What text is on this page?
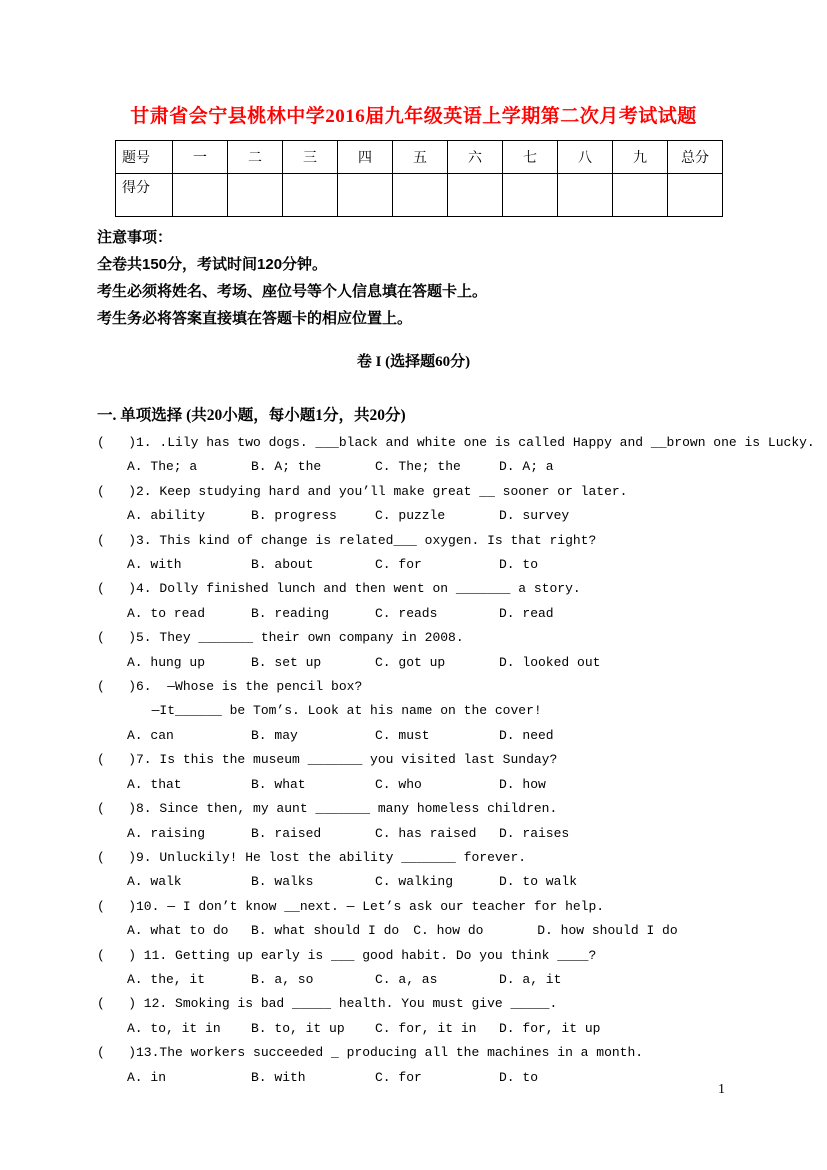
甘肃省会宁县桃林中学2016届九年级英语上学期第二次月考试试题
题号	一	二	三	四	五	六	七	八	九	总分
得分										
注意事项：
全卷共150分，考试时间120分钟。
考生必须将姓名、考场、座位号等个人信息填在答题卡上。
考生务必将答案直接填在答题卡的相应位置上。
卷 I (选择题60分)
一. 单项选择 (共20小题，每小题1分，共20分)
(   )1. .Lily has two dogs. ___black and white one is called Happy and __brown one is Lucky.
A. The; a	B. A; the	C. The; the	D. A; a
(   )2. Keep studying hard and you’ll make great __ sooner or later.
A. ability	B. progress	C. puzzle	D. survey
(   )3. This kind of change is related___ oxygen. Is that right?
A. with	B. about	C. for	D. to
(   )4. Dolly finished lunch and then went on _______ a story.
A. to read	B. reading	C. reads	D. read
(   )5. They _______ their own company in 2008.
A. hung up	B. set up	C. got up	D. looked out
(   )6.  —Whose is the pencil box?
—It______ be Tom’s. Look at his name on the cover!
A. can	B. may	C. must	D. need
(   )7. Is this the museum _______ you visited last Sunday?
A. that	B. what	C. who	D. how
(   )8. Since then, my aunt _______ many homeless children.
A. raising	B. raised	C. has raised D. raises
(   )9. Unluckily! He lost the ability _______ forever.
A. walk	B. walks	C. walking	D. to walk
(   )10. — I don’t know __next. — Let’s ask our teacher for help.
A. what to do B. what should I do C. how do	D. how should I do
(   ) 11. Getting up early is ___ good habit. Do you think ____?
A. the, it	B. a, so	C. a, as	D. a, it
(   ) 12. Smoking is bad _____ health. You must give _____.
A. to, it in B. to, it up C. for, it in D. for, it up
(   )13.The workers succeeded _ producing all the machines in a month.
A. in	B. with	C. for	D. to
1
